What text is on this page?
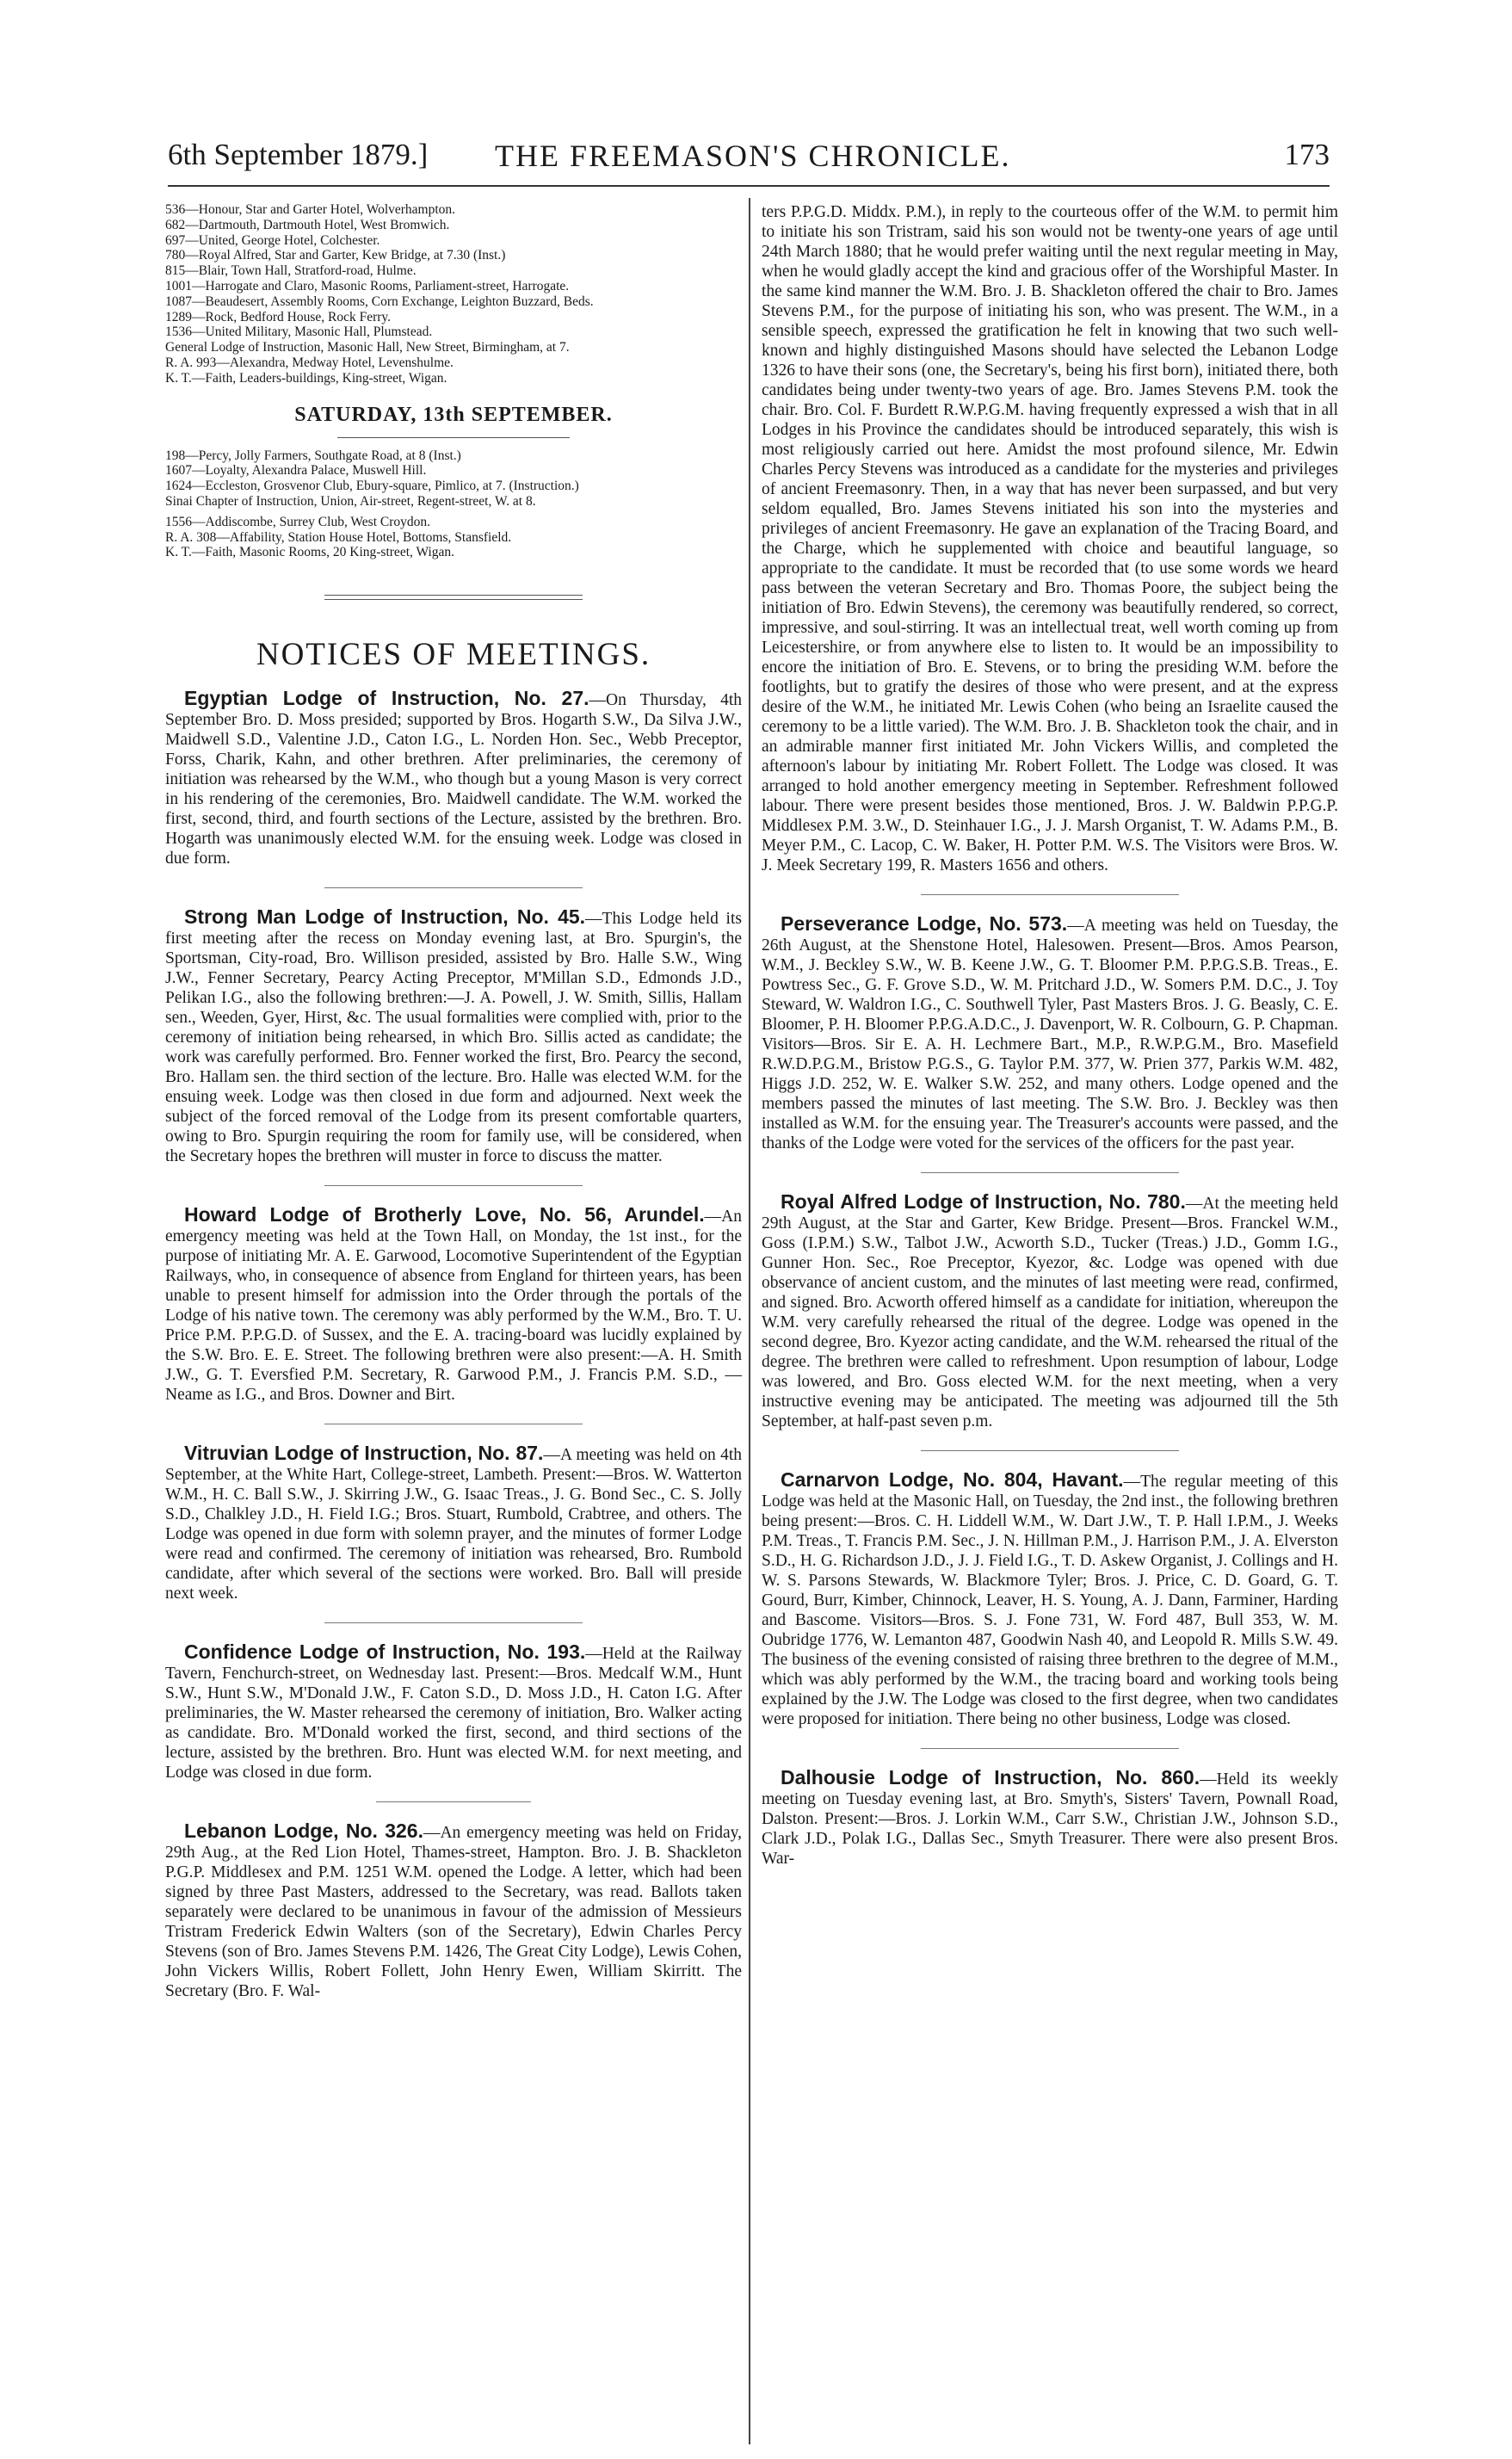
6th September 1879.] THE FREEMASON'S CHRONICLE.	173
536—Honour, Star and Garter Hotel, Wolverhampton.
682—Dartmouth, Dartmouth Hotel, West Bromwich.
697—United, George Hotel, Colchester.
780—Royal Alfred, Star and Garter, Kew Bridge, at 7.30 (Inst.)
815—Blair, Town Hall, Stratford-road, Hulme.
1001—Harrogate and Claro, Masonic Rooms, Parliament-street, Harrogate.
1087—Beaudesert, Assembly Rooms, Corn Exchange, Leighton Buzzard, Beds.
1289—Rock, Bedford House, Rock Ferry.
1536—United Military, Masonic Hall, Plumstead.
General Lodge of Instruction, Masonic Hall, New Street, Birmingham, at 7.
R. A. 993—Alexandra, Medway Hotel, Levenshulme.
K. T.—Faith, Leaders-buildings, King-street, Wigan.
SATURDAY, 13th SEPTEMBER.
198—Percy, Jolly Farmers, Southgate Road, at 8 (Inst.)
1607—Loyalty, Alexandra Palace, Muswell Hill.
1624—Eccleston, Grosvenor Club, Ebury-square, Pimlico, at 7. (Instruction.)
Sinai Chapter of Instruction, Union, Air-street, Regent-street, W. at 8.
1556—Addiscombe, Surrey Club, West Croydon.
R. A. 308—Affability, Station House Hotel, Bottoms, Stansfield.
K. T.—Faith, Masonic Rooms, 20 King-street, Wigan.
NOTICES OF MEETINGS.

Egyptian Lodge of Instruction, No. 27.—On Thursday, 4th September Bro. D. Moss presided; supported by Bros. Hogarth S.W., Da Silva J.W., Maidwell S.D., Valentine J.D., Caton I.G., L. Norden Hon. Sec., Webb Preceptor, Forss, Charik, Kahn, and other brethren. After preliminaries, the ceremony of initiation was rehearsed by the W.M., who though but a young Mason is very correct in his rendering of the ceremonies, Bro. Maidwell candidate. The W.M. worked the first, second, third, and fourth sections of the Lecture, assisted by the brethren. Bro. Hogarth was unanimously elected W.M. for the ensuing week. Lodge was closed in due form.

Strong Man Lodge of Instruction, No. 45.—This Lodge held its first meeting after the recess on Monday evening last, at Bro. Spurgin's, the Sportsman, City-road, Bro. Willison presided, assisted by Bro. Halle S.W., Wing J.W., Fenner Secretary, Pearcy Acting Preceptor, M'Millan S.D., Edmonds J.D., Pelikan I.G., also the following brethren:—J. A. Powell, J. W. Smith, Sillis, Hallam sen., Weeden, Gyer, Hirst, &c. The usual formalities were complied with, prior to the ceremony of initiation being rehearsed, in which Bro. Sillis acted as candidate; the work was carefully performed. Bro. Fenner worked the first, Bro. Pearcy the second, Bro. Hallam sen. the third section of the lecture. Bro. Halle was elected W.M. for the ensuing week. Lodge was then closed in due form and adjourned. Next week the subject of the forced removal of the Lodge from its present comfortable quarters, owing to Bro. Spurgin requiring the room for family use, will be considered, when the Secretary hopes the brethren will muster in force to discuss the matter.

Howard Lodge of Brotherly Love, No. 56, Arundel.—An emergency meeting was held at the Town Hall, on Monday, the 1st inst., for the purpose of initiating Mr. A. E. Garwood, Locomotive Superintendent of the Egyptian Railways, who, in consequence of absence from England for thirteen years, has been unable to present himself for admission into the Order through the portals of the Lodge of his native town. The ceremony was ably performed by the W.M., Bro. T. U. Price P.M. P.P.G.D. of Sussex, and the E. A. tracing-board was lucidly explained by the S.W. Bro. E. E. Street. The following brethren were also present:—A. H. Smith J.W., G. T. Eversfied P.M. Secretary, R. Garwood P.M., J. Francis P.M. S.D., — Neame as I.G., and Bros. Downer and Birt.

Vitruvian Lodge of Instruction, No. 87.—A meeting was held on 4th September, at the White Hart, College-street, Lambeth. Present:—Bros. W. Watterton W.M., H. C. Ball S.W., J. Skirring J.W., G. Isaac Treas., J. G. Bond Sec., C. S. Jolly S.D., Chalkley J.D., H. Field I.G.; Bros. Stuart, Rumbold, Crabtree, and others. The Lodge was opened in due form with solemn prayer, and the minutes of former Lodge were read and confirmed. The ceremony of initiation was rehearsed, Bro. Rumbold candidate, after which several of the sections were worked. Bro. Ball will preside next week.

Confidence Lodge of Instruction, No. 193.—Held at the Railway Tavern, Fenchurch-street, on Wednesday last. Present:—Bros. Medcalf W.M., Hunt S.W., Hunt S.W., M'Donald J.W., F. Caton S.D., D. Moss J.D., H. Caton I.G. After preliminaries, the W. Master rehearsed the ceremony of initiation, Bro. Walker acting as candidate. Bro. M'Donald worked the first, second, and third sections of the lecture, assisted by the brethren. Bro. Hunt was elected W.M. for next meeting, and Lodge was closed in due form.

Lebanon Lodge, No. 326.—An emergency meeting was held on Friday, 29th Aug., at the Red Lion Hotel, Thames-street, Hampton. Bro. J. B. Shackleton P.G.P. Middlesex and P.M. 1251 W.M. opened the Lodge. A letter, which had been signed by three Past Masters, addressed to the Secretary, was read. Ballots taken separately were declared to be unanimous in favour of the admission of Messieurs Tristram Frederick Edwin Walters (son of the Secretary), Edwin Charles Percy Stevens (son of Bro. James Stevens P.M. 1426, The Great City Lodge), Lewis Cohen, John Vickers Willis, Robert Follett, John Henry Ewen, William Skirritt. The Secretary (Bro. F. Wal-

ters P.P.G.D. Middx. P.M.), in reply to the courteous offer of the W.M. to permit him to initiate his son Tristram, said his son would not be twenty-one years of age until 24th March 1880; that he would prefer waiting until the next regular meeting in May, when he would gladly accept the kind and gracious offer of the Worshipful Master. In the same kind manner the W.M. Bro. J. B. Shackleton offered the chair to Bro. James Stevens P.M., for the purpose of initiating his son, who was present. The W.M., in a sensible speech, expressed the gratification he felt in knowing that two such well-known and highly distinguished Masons should have selected the Lebanon Lodge 1326 to have their sons (one, the Secretary's, being his first born), initiated there, both candidates being under twenty-two years of age. Bro. James Stevens P.M. took the chair. Bro. Col. F. Burdett R.W.P.G.M. having frequently expressed a wish that in all Lodges in his Province the candidates should be introduced separately, this wish is most religiously carried out here. Amidst the most profound silence, Mr. Edwin Charles Percy Stevens was introduced as a candidate for the mysteries and privileges of ancient Freemasonry. Then, in a way that has never been surpassed, and but very seldom equalled, Bro. James Stevens initiated his son into the mysteries and privileges of ancient Freemasonry. He gave an explanation of the Tracing Board, and the Charge, which he supplemented with choice and beautiful language, so appropriate to the candidate. It must be recorded that (to use some words we heard pass between the veteran Secretary and Bro. Thomas Poore, the subject being the initiation of Bro. Edwin Stevens), the ceremony was beautifully rendered, so correct, impressive, and soul-stirring. It was an intellectual treat, well worth coming up from Leicestershire, or from anywhere else to listen to. It would be an impossibility to encore the initiation of Bro. E. Stevens, or to bring the presiding W.M. before the footlights, but to gratify the desires of those who were present, and at the express desire of the W.M., he initiated Mr. Lewis Cohen (who being an Israelite caused the ceremony to be a little varied). The W.M. Bro. J. B. Shackleton took the chair, and in an admirable manner first initiated Mr. John Vickers Willis, and completed the afternoon's labour by initiating Mr. Robert Follett. The Lodge was closed. It was arranged to hold another emergency meeting in September. Refreshment followed labour. There were present besides those mentioned, Bros. J. W. Baldwin P.P.G.P. Middlesex P.M. 3.W., D. Steinhauer I.G., J. J. Marsh Organist, T. W. Adams P.M., B. Meyer P.M., C. Lacop, C. W. Baker, H. Potter P.M. W.S. The Visitors were Bros. W. J. Meek Secretary 199, R. Masters 1656 and others.

Perseverance Lodge, No. 573.—A meeting was held on Tuesday, the 26th August, at the Shenstone Hotel, Halesowen. Present—Bros. Amos Pearson, W.M., J. Beckley S.W., W. B. Keene J.W., G. T. Bloomer P.M. P.P.G.S.B. Treas., E. Powtress Sec., G. F. Grove S.D., W. M. Pritchard J.D., W. Somers P.M. D.C., J. Toy Steward, W. Waldron I.G., C. Southwell Tyler, Past Masters Bros. J. G. Beasly, C. E. Bloomer, P. H. Bloomer P.P.G.A.D.C., J. Davenport, W. R. Colbourn, G. P. Chapman. Visitors—Bros. Sir E. A. H. Lechmere Bart., M.P., R.W.P.G.M., Bro. Masefield R.W.D.P.G.M., Bristow P.G.S., G. Taylor P.M. 377, W. Prien 377, Parkis W.M. 482, Higgs J.D. 252, W. E. Walker S.W. 252, and many others. Lodge opened and the members passed the minutes of last meeting. The S.W. Bro. J. Beckley was then installed as W.M. for the ensuing year. The Treasurer's accounts were passed, and the thanks of the Lodge were voted for the services of the officers for the past year.

Royal Alfred Lodge of Instruction, No. 780.—At the meeting held 29th August, at the Star and Garter, Kew Bridge. Present—Bros. Franckel W.M., Goss (I.P.M.) S.W., Talbot J.W., Acworth S.D., Tucker (Treas.) J.D., Gomm I.G., Gunner Hon. Sec., Roe Preceptor, Kyezor, &c. Lodge was opened with due observance of ancient custom, and the minutes of last meeting were read, confirmed, and signed. Bro. Acworth offered himself as a candidate for initiation, whereupon the W.M. very carefully rehearsed the ritual of the degree. Lodge was opened in the second degree, Bro. Kyezor acting candidate, and the W.M. rehearsed the ritual of the degree. The brethren were called to refreshment. Upon resumption of labour, Lodge was lowered, and Bro. Goss elected W.M. for the next meeting, when a very instructive evening may be anticipated. The meeting was adjourned till the 5th September, at half-past seven p.m.

Carnarvon Lodge, No. 804, Havant.—The regular meeting of this Lodge was held at the Masonic Hall, on Tuesday, the 2nd inst., the following brethren being present:—Bros. C. H. Liddell W.M., W. Dart J.W., T. P. Hall I.P.M., J. Weeks P.M. Treas., T. Francis P.M. Sec., J. N. Hillman P.M., J. Harrison P.M., J. A. Elverston S.D., H. G. Richardson J.D., J. J. Field I.G., T. D. Askew Organist, J. Collings and H. W. S. Parsons Stewards, W. Blackmore Tyler; Bros. J. Price, C. D. Goard, G. T. Gourd, Burr, Kimber, Chinnock, Leaver, H. S. Young, A. J. Dann, Farminer, Harding and Bascome. Visitors—Bros. S. J. Fone 731, W. Ford 487, Bull 353, W. M. Oubridge 1776, W. Lemanton 487, Goodwin Nash 40, and Leopold R. Mills S.W. 49. The business of the evening consisted of raising three brethren to the degree of M.M., which was ably performed by the W.M., the tracing board and working tools being explained by the J.W. The Lodge was closed to the first degree, when two candidates were proposed for initiation. There being no other business, Lodge was closed.

Dalhousie Lodge of Instruction, No. 860.—Held its weekly meeting on Tuesday evening last, at Bro. Smyth's, Sisters' Tavern, Pownall Road, Dalston. Present:—Bros. J. Lorkin W.M., Carr S.W., Christian J.W., Johnson S.D., Clark J.D., Polak I.G., Dallas Sec., Smyth Treasurer. There were also present Bros. War-
